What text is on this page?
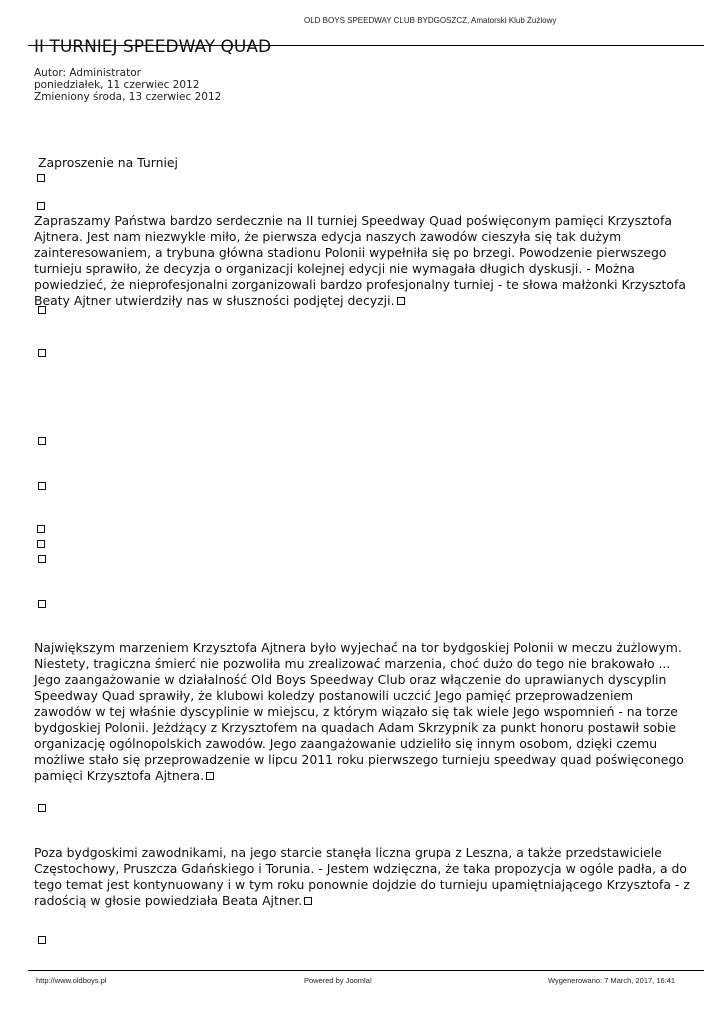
OLD BOYS SPEEDWAY CLUB BYDGOSZCZ, Amatorski Klub Żużlowy
II TURNIEJ SPEEDWAY QUAD
Autor: Administrator
poniedziałek, 11 czerwiec 2012
Zmieniony środa, 13 czerwiec 2012
Zaproszenie na Turniej

Zapraszamy Państwa bardzo serdecznie na II turniej Speedway Quad poświęconym pamięci Krzysztofa Ajtnera. Jest nam niezwykle miło, że pierwsza edycja naszych zawodów cieszyła się tak dużym zainteresowaniem, a trybuna główna stadionu Polonii wypełniła się po brzegi. Powodzenie pierwszego turnieju sprawiło, że decyzja o organizacji kolejnej edycji nie wymagała długich dyskusji. - Można powiedzieć, że nieprofesjonalni zorganizowali bardzo profesjonalny turniej - te słowa małżonki Krzysztofa Beaty Ajtner utwierdziły nas w słuszności podjętej decyzji.

Największym marzeniem Krzysztofa Ajtnera było wyjechać na tor bydgoskiej Polonii w meczu żużlowym. Niestety, tragiczna śmierć nie pozwoliła mu zrealizować marzenia, choć dużo do tego nie brakowało ... Jego zaangażowanie w działalność Old Boys Speedway Club oraz włączenie do uprawianych dyscyplin Speedway Quad sprawiły, że klubowi koledzy postanowili uczcić Jego pamięć przeprowadzeniem zawodów w tej właśnie dyscyplinie w miejscu, z którym wiązało się tak wiele Jego wspomnień - na torze bydgoskiej Polonii. Jeżdżący z Krzysztofem na quadach Adam Skrzypnik za punkt honoru postawił sobie organizację ogólnopolskich zawodów. Jego zaangażowanie udzieliło się innym osobom, dzięki czemu możliwe stało się przeprowadzenie w lipcu 2011 roku pierwszego turnieju speedway quad poświęconego pamięci Krzysztofa Ajtnera.

Poza bydgoskimi zawodnikami, na jego starcie stanęła liczna grupa z Leszna, a także przedstawiciele Częstochowy, Pruszcza Gdańskiego i Torunia. - Jestem wdzięczna, że taka propozycja w ogóle padła, a do tego temat jest kontynuowany i w tym roku ponownie dojdzie do turnieju upamiętniającego Krzysztofa - z radością w głosie powiedziała Beata Ajtner.

http://www.oldboys.pl	Powered by Joomla!	Wygenerowano: 7 March, 2017, 16:41
